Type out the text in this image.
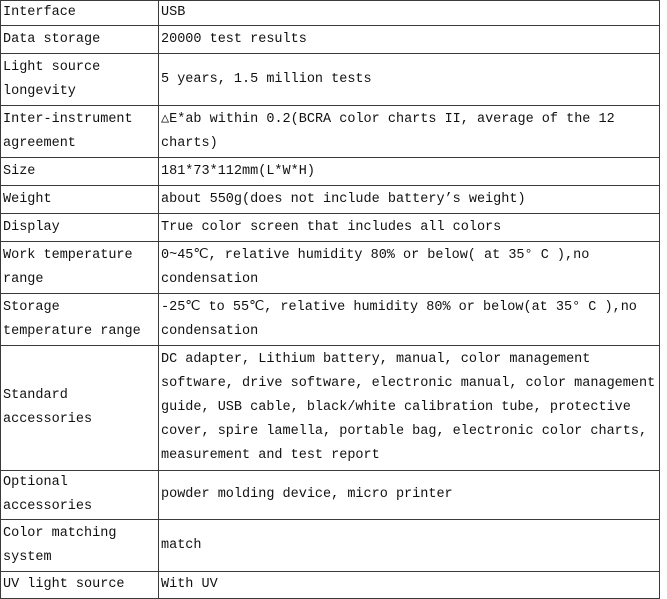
Interface	USB
Data storage	20000 test results
Light source longevity	5 years, 1.5 million tests
Inter-instrument agreement	△E*ab within 0.2(BCRA color charts II, average of the 12 charts)
Size	181*73*112mm(L*W*H)
Weight	about 550g(does not include battery’s weight)
Display	True color screen that includes all colors
Work temperature range	0~45℃, relative humidity 80% or below( at 35° C ),no condensation
Storage temperature range	-25℃ to 55℃, relative humidity 80% or below(at 35° C ),no condensation
Standard accessories	DC adapter, Lithium battery, manual, color management software, drive software, electronic manual, color management guide, USB cable, black/white calibration tube, protective cover, spire lamella, portable bag, electronic color charts, measurement and test report
Optional accessories	powder molding device, micro printer
Color matching system	match
UV light source	With UV
